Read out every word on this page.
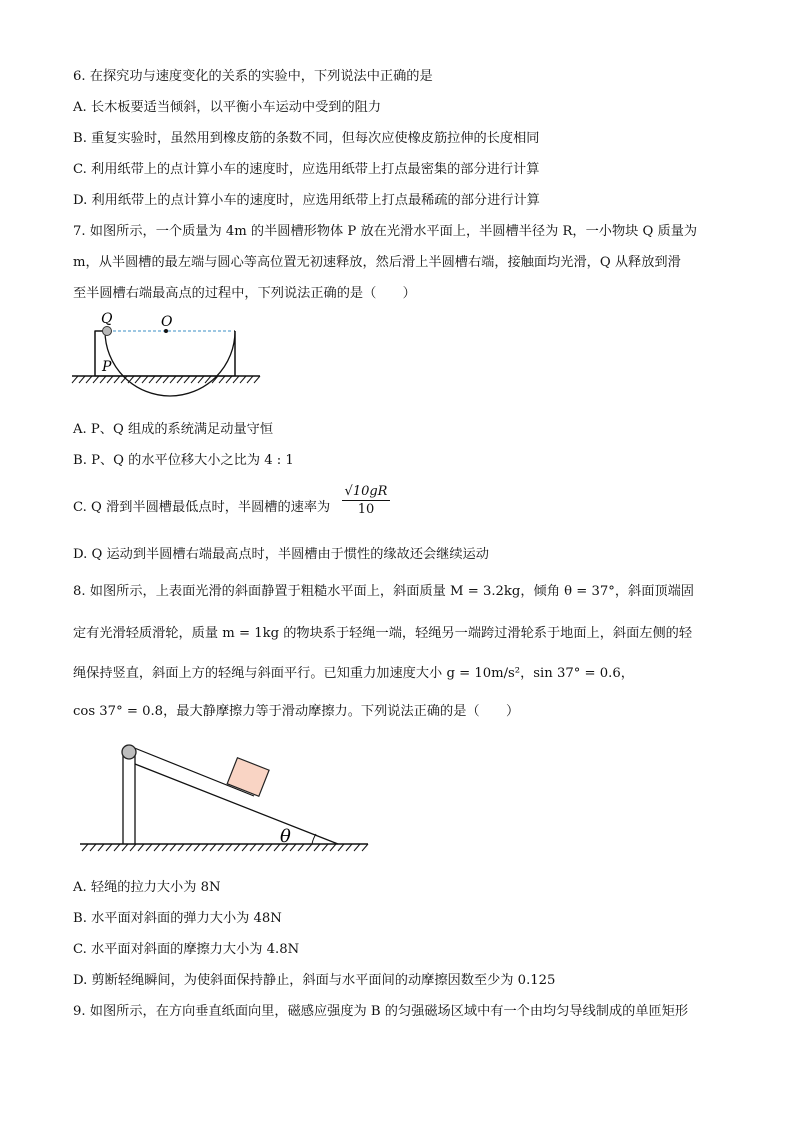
6. 在探究功与速度变化的关系的实验中，下列说法中正确的是
A. 长木板要适当倾斜，以平衡小车运动中受到的阻力
B. 重复实验时，虽然用到橡皮筋的条数不同，但每次应使橡皮筋拉伸的长度相同
C. 利用纸带上的点计算小车的速度时，应选用纸带上打点最密集的部分进行计算
D. 利用纸带上的点计算小车的速度时，应选用纸带上打点最稀疏的部分进行计算
7. 如图所示，一个质量为 4m 的半圆槽形物体 P 放在光滑水平面上，半圆槽半径为 R，一小物块 Q 质量为
m，从半圆槽的最左端与圆心等高位置无初速释放，然后滑上半圆槽右端，接触面均光滑，Q 从释放到滑
至半圆槽右端最高点的过程中，下列说法正确的是（　　）
Q	O
P
A. P、Q 组成的系统满足动量守恒
B. P、Q 的水平位移大小之比为 4 : 1
C. Q 滑到半圆槽最低点时，半圆槽的速率为 $\frac{√10gR}{10}$
D. Q 运动到半圆槽右端最高点时，半圆槽由于惯性的缘故还会继续运动
8. 如图所示，上表面光滑的斜面静置于粗糙水平面上，斜面质量 M = 3.2kg，倾角 θ = 37°，斜面顶端固
定有光滑轻质滑轮，质量 m = 1kg 的物块系于轻绳一端，轻绳另一端跨过滑轮系于地面上，斜面左侧的轻
绳保持竖直，斜面上方的轻绳与斜面平行。已知重力加速度大小 g = 10m/s²，sin 37° = 0.6，
cos 37° = 0.8，最大静摩擦力等于滑动摩擦力。下列说法正确的是（　　）
θ
A. 轻绳的拉力大小为 8N
B. 水平面对斜面的弹力大小为 48N
C. 水平面对斜面的摩擦力大小为 4.8N
D. 剪断轻绳瞬间，为使斜面保持静止，斜面与水平面间的动摩擦因数至少为 0.125
9. 如图所示，在方向垂直纸面向里，磁感应强度为 B 的匀强磁场区域中有一个由均匀导线制成的单匝矩形
